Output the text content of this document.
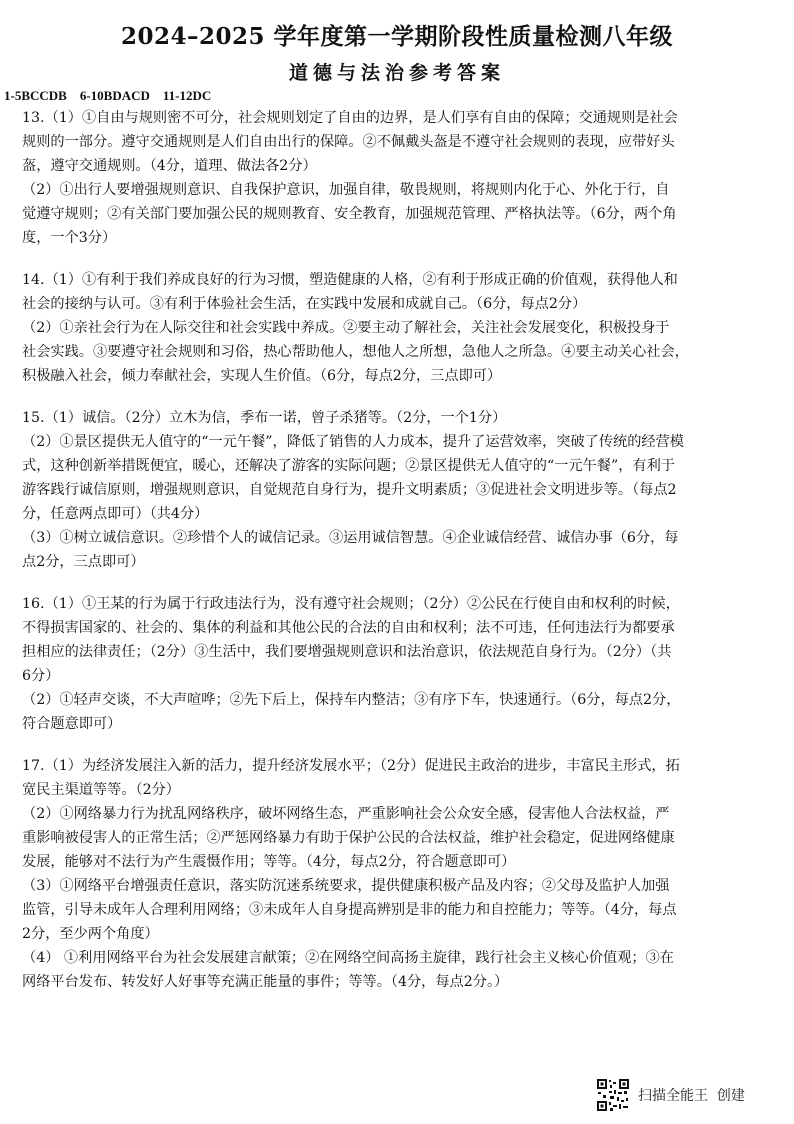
2024–2025 学年度第一学期阶段性质量检测八年级
道德与法治参考答案
1-5BCCDB    6-10BDACD    11-12DC
13.（1）①自由与规则密不可分，社会规则划定了自由的边界，是人们享有自由的保障；交通规则是社会
规则的一部分。遵守交通规则是人们自由出行的保障。②不佩戴头盔是不遵守社会规则的表现，应带好头
盔，遵守交通规则。（4分，道理、做法各2分）
（2）①出行人要增强规则意识、自我保护意识，加强自律，敬畏规则，将规则内化于心、外化于行，自
觉遵守规则；②有关部门要加强公民的规则教育、安全教育，加强规范管理、严格执法等。（6分，两个角
度，一个3分）
14.（1）①有利于我们养成良好的行为习惯，塑造健康的人格，②有利于形成正确的价值观，获得他人和
社会的接纳与认可。③有利于体验社会生活，在实践中发展和成就自己。（6分，每点2分）
（2）①亲社会行为在人际交往和社会实践中养成。②要主动了解社会，关注社会发展变化，积极投身于
社会实践。③要遵守社会规则和习俗，热心帮助他人，想他人之所想，急他人之所急。④要主动关心社会，
积极融入社会，倾力奉献社会，实现人生价值。（6分，每点2分，三点即可）
15.（1）诚信。（2分）立木为信，季布一诺，曾子杀猪等。（2分，一个1分）
（2）①景区提供无人值守的“一元午餐”，降低了销售的人力成本，提升了运营效率，突破了传统的经营模
式，这种创新举措既便宜，暖心，还解决了游客的实际问题；②景区提供无人值守的“一元午餐”，有利于
游客践行诚信原则，增强规则意识，自觉规范自身行为，提升文明素质；③促进社会文明进步等。（每点2
分，任意两点即可）（共4分）
（3）①树立诚信意识。②珍惜个人的诚信记录。③运用诚信智慧。④企业诚信经营、诚信办事（6分，每
点2分，三点即可）
16.（1）①王某的行为属于行政违法行为，没有遵守社会规则；（2分）②公民在行使自由和权利的时候，
不得损害国家的、社会的、集体的利益和其他公民的合法的自由和权利；法不可违，任何违法行为都要承
担相应的法律责任；（2分）③生活中，我们要增强规则意识和法治意识，依法规范自身行为。（2分）（共
6分）
（2）①轻声交谈，不大声喧哗；②先下后上，保持车内整洁；③有序下车，快速通行。（6分，每点2分，
符合题意即可）
17.（1）为经济发展注入新的活力，提升经济发展水平；（2分）促进民主政治的进步，丰富民主形式，拓
宽民主渠道等等。（2分）
（2）①网络暴力行为扰乱网络秩序，破坏网络生态，严重影响社会公众安全感，侵害他人合法权益，严
重影响被侵害人的正常生活；②严惩网络暴力有助于保护公民的合法权益，维护社会稳定，促进网络健康
发展，能够对不法行为产生震慑作用；等等。（4分，每点2分，符合题意即可）
（3）①网络平台增强责任意识，落实防沉迷系统要求，提供健康积极产品及内容；②父母及监护人加强
监管，引导未成年人合理利用网络；③未成年人自身提高辨别是非的能力和自控能力；等等。（4分，每点
2分，至少两个角度）
（4） ①利用网络平台为社会发展建言献策；②在网络空间高扬主旋律，践行社会主义核心价值观；③在
网络平台发布、转发好人好事等充满正能量的事件；等等。（4分，每点2分。）
扫描全能王  创建
